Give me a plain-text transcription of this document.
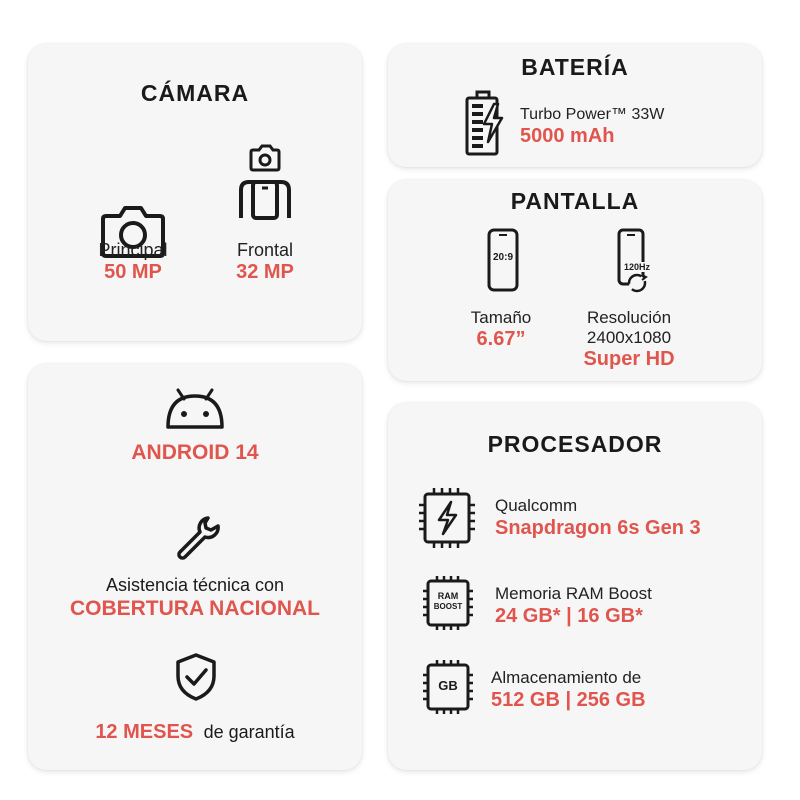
CÁMARA
Principal
50 MP
Frontal
32 MP
BATERÍA
Turbo Power™ 33W
5000 mAh
PANTALLA
20:9
120Hz
Tamaño
6.67”
Resolución
2400x1080
Super HD
ANDROID 14
Asistencia técnica con
COBERTURA NACIONAL
12 MESES de garantía
PROCESADOR
Qualcomm
Snapdragon 6s Gen 3
RAM
BOOST
Memoria RAM Boost
24 GB* | 16 GB*
GB	Almacenamiento de
512 GB | 256 GB
